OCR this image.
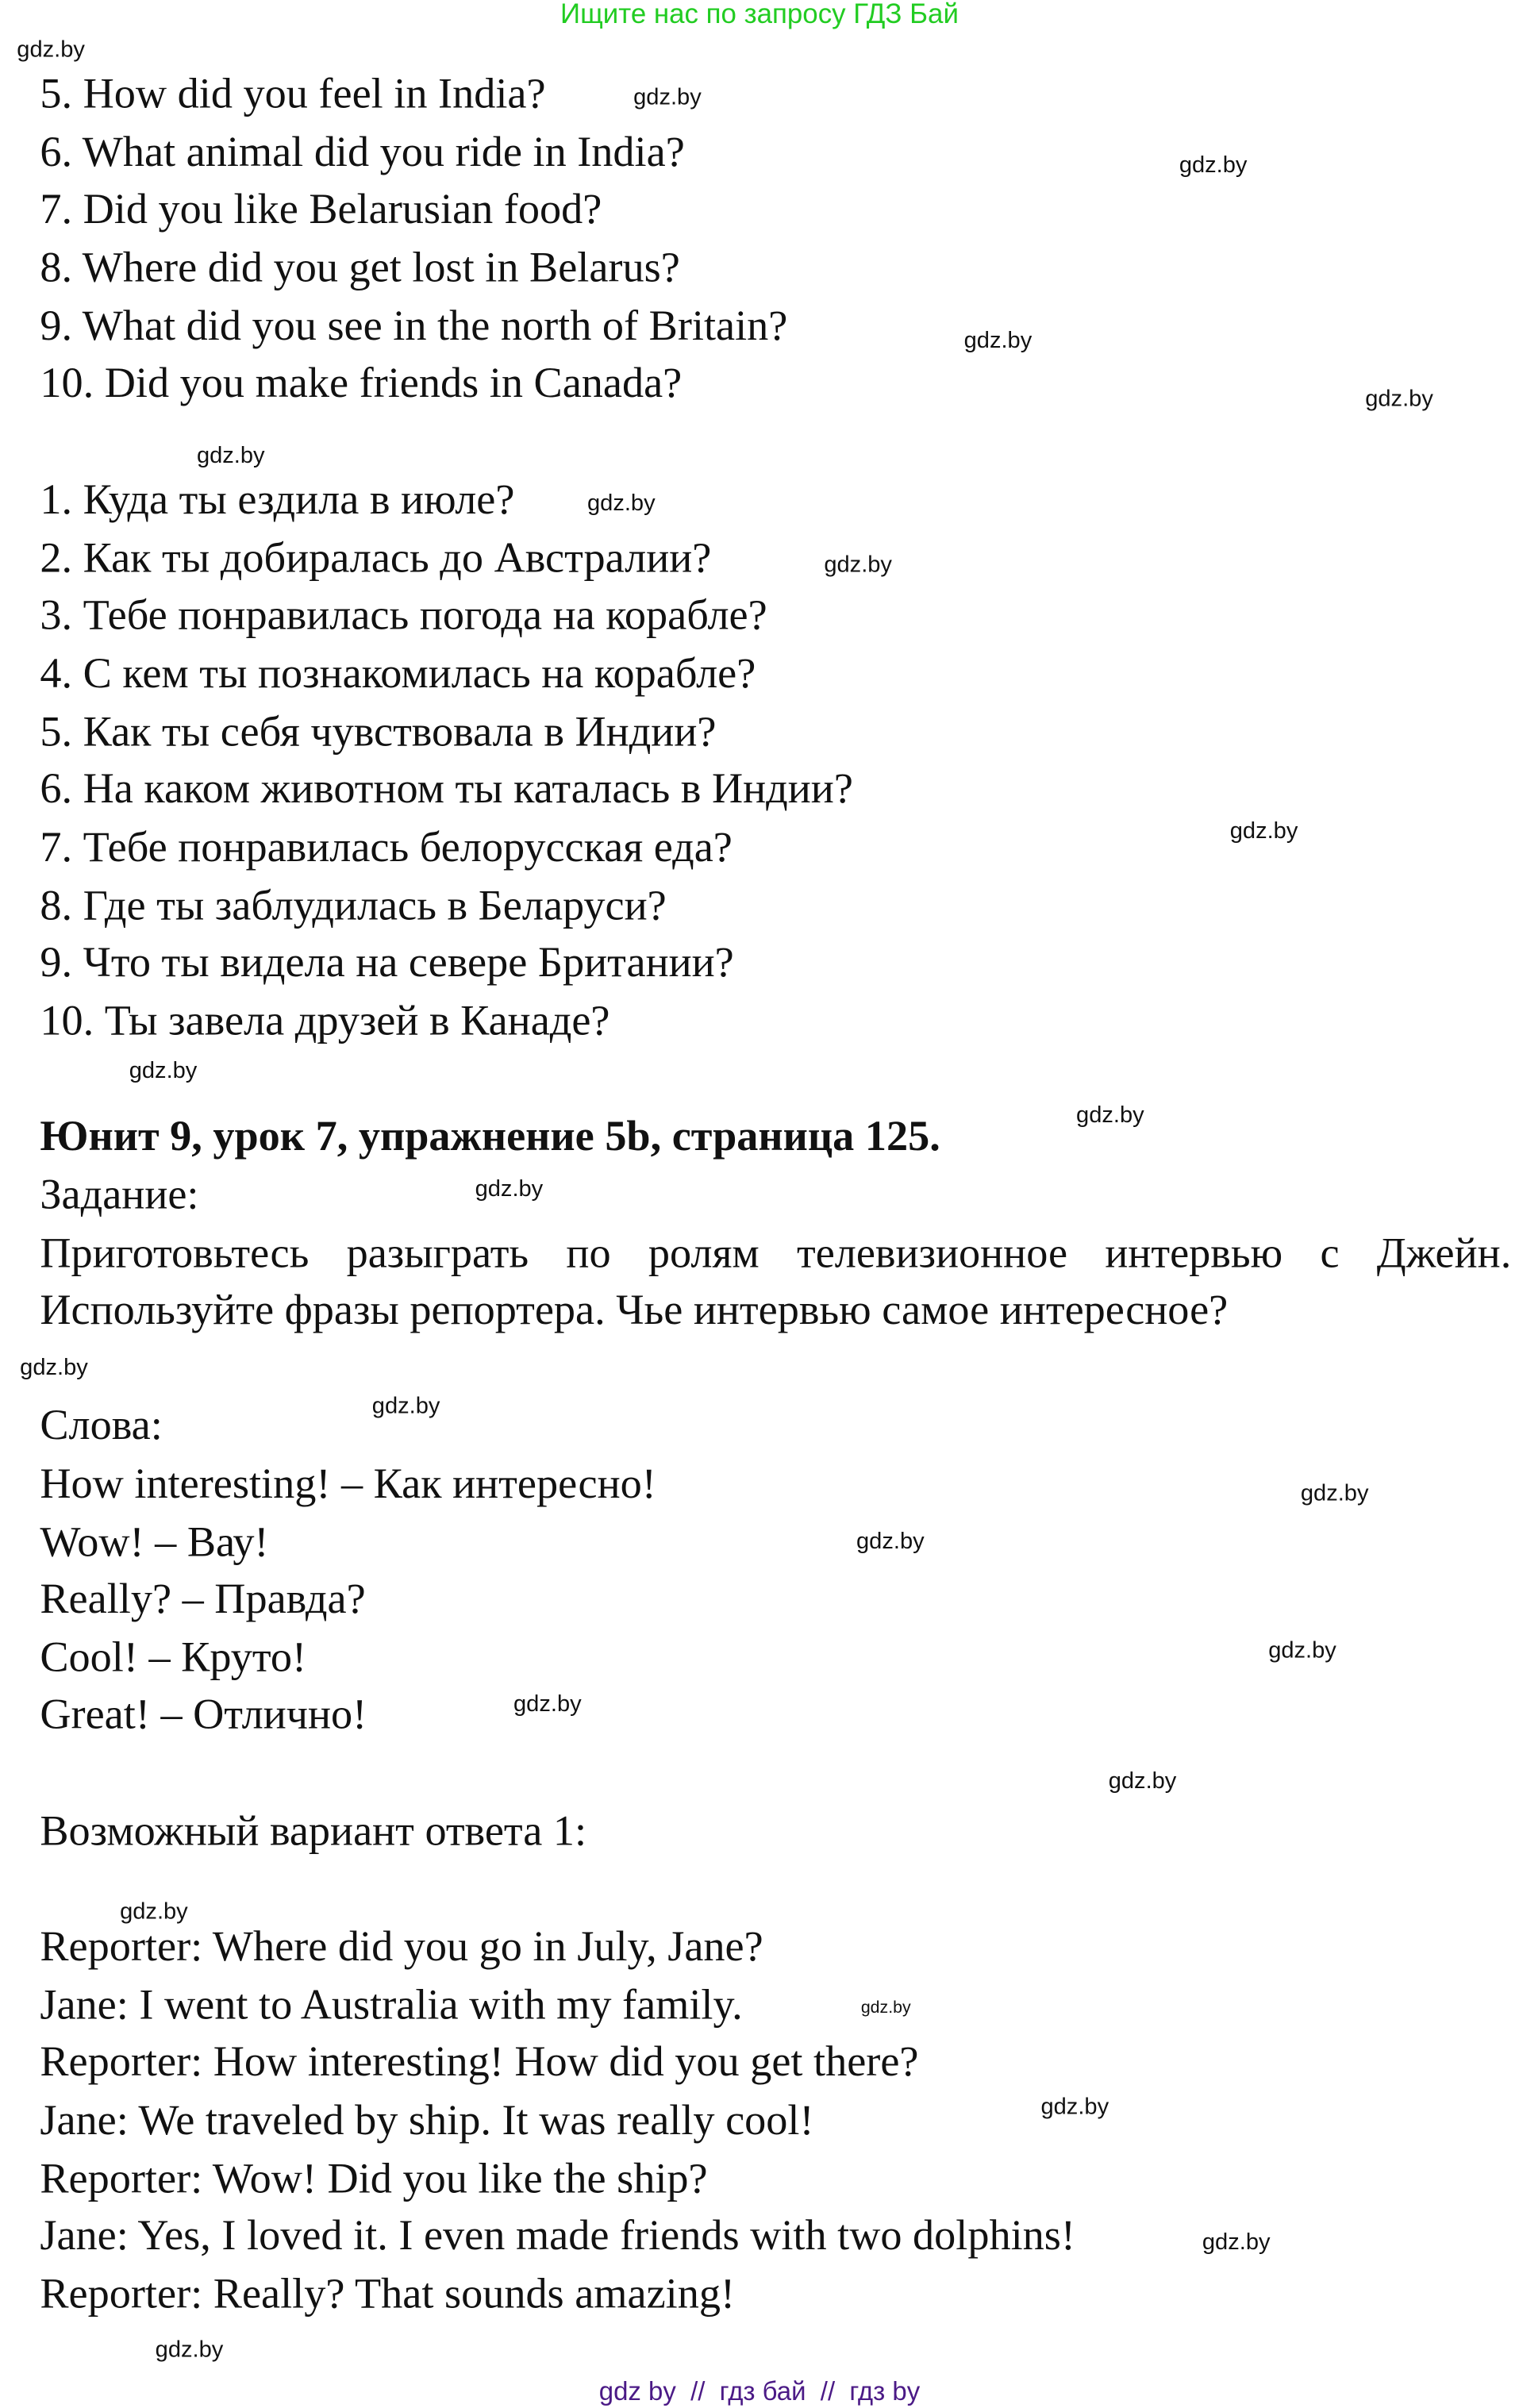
Ищите нас по запросу ГДЗ Бай
5. How did you feel in India?
6. What animal did you ride in India?
7. Did you like Belarusian food?
8. Where did you get lost in Belarus?
9. What did you see in the north of Britain?
10. Did you make friends in Canada?
1. Куда ты ездила в июле?
2. Как ты добиралась до Австралии?
3. Тебе понравилась погода на корабле?
4. С кем ты познакомилась на корабле?
5. Как ты себя чувствовала в Индии?
6. На каком животном ты каталась в Индии?
7. Тебе понравилась белорусская еда?
8. Где ты заблудилась в Беларуси?
9. Что ты видела на севере Британии?
10. Ты завела друзей в Канаде?
Юнит 9, урок 7, упражнение 5b, страница 125.
Задание:
Приготовьтесь разыграть по ролям телевизионное интервью с Джейн.
Используйте фразы репортера. Чье интервью самое интересное?
Слова:
How interesting! – Как интересно!
Wow! – Вау!
Really? – Правда?
Cool! – Круто!
Great! – Отлично!
Возможный вариант ответа 1:
Reporter: Where did you go in July, Jane?
Jane: I went to Australia with my family.
Reporter: How interesting! How did you get there?
Jane: We traveled by ship. It was really cool!
Reporter: Wow! Did you like the ship?
Jane: Yes, I loved it. I even made friends with two dolphins!
Reporter: Really? That sounds amazing!
gdz.by
gdz.by
gdz.by
gdz.by
gdz.by
gdz.by
gdz.by
gdz.by
gdz.by
gdz.by
gdz.by
gdz.by
gdz.by
gdz.by
gdz.by
gdz.by
gdz.by
gdz.by
gdz.by
gdz.by
gdz.by
gdz.by
gdz.by
gdz.by
gdz by  //  гдз бай  //  гдз by
